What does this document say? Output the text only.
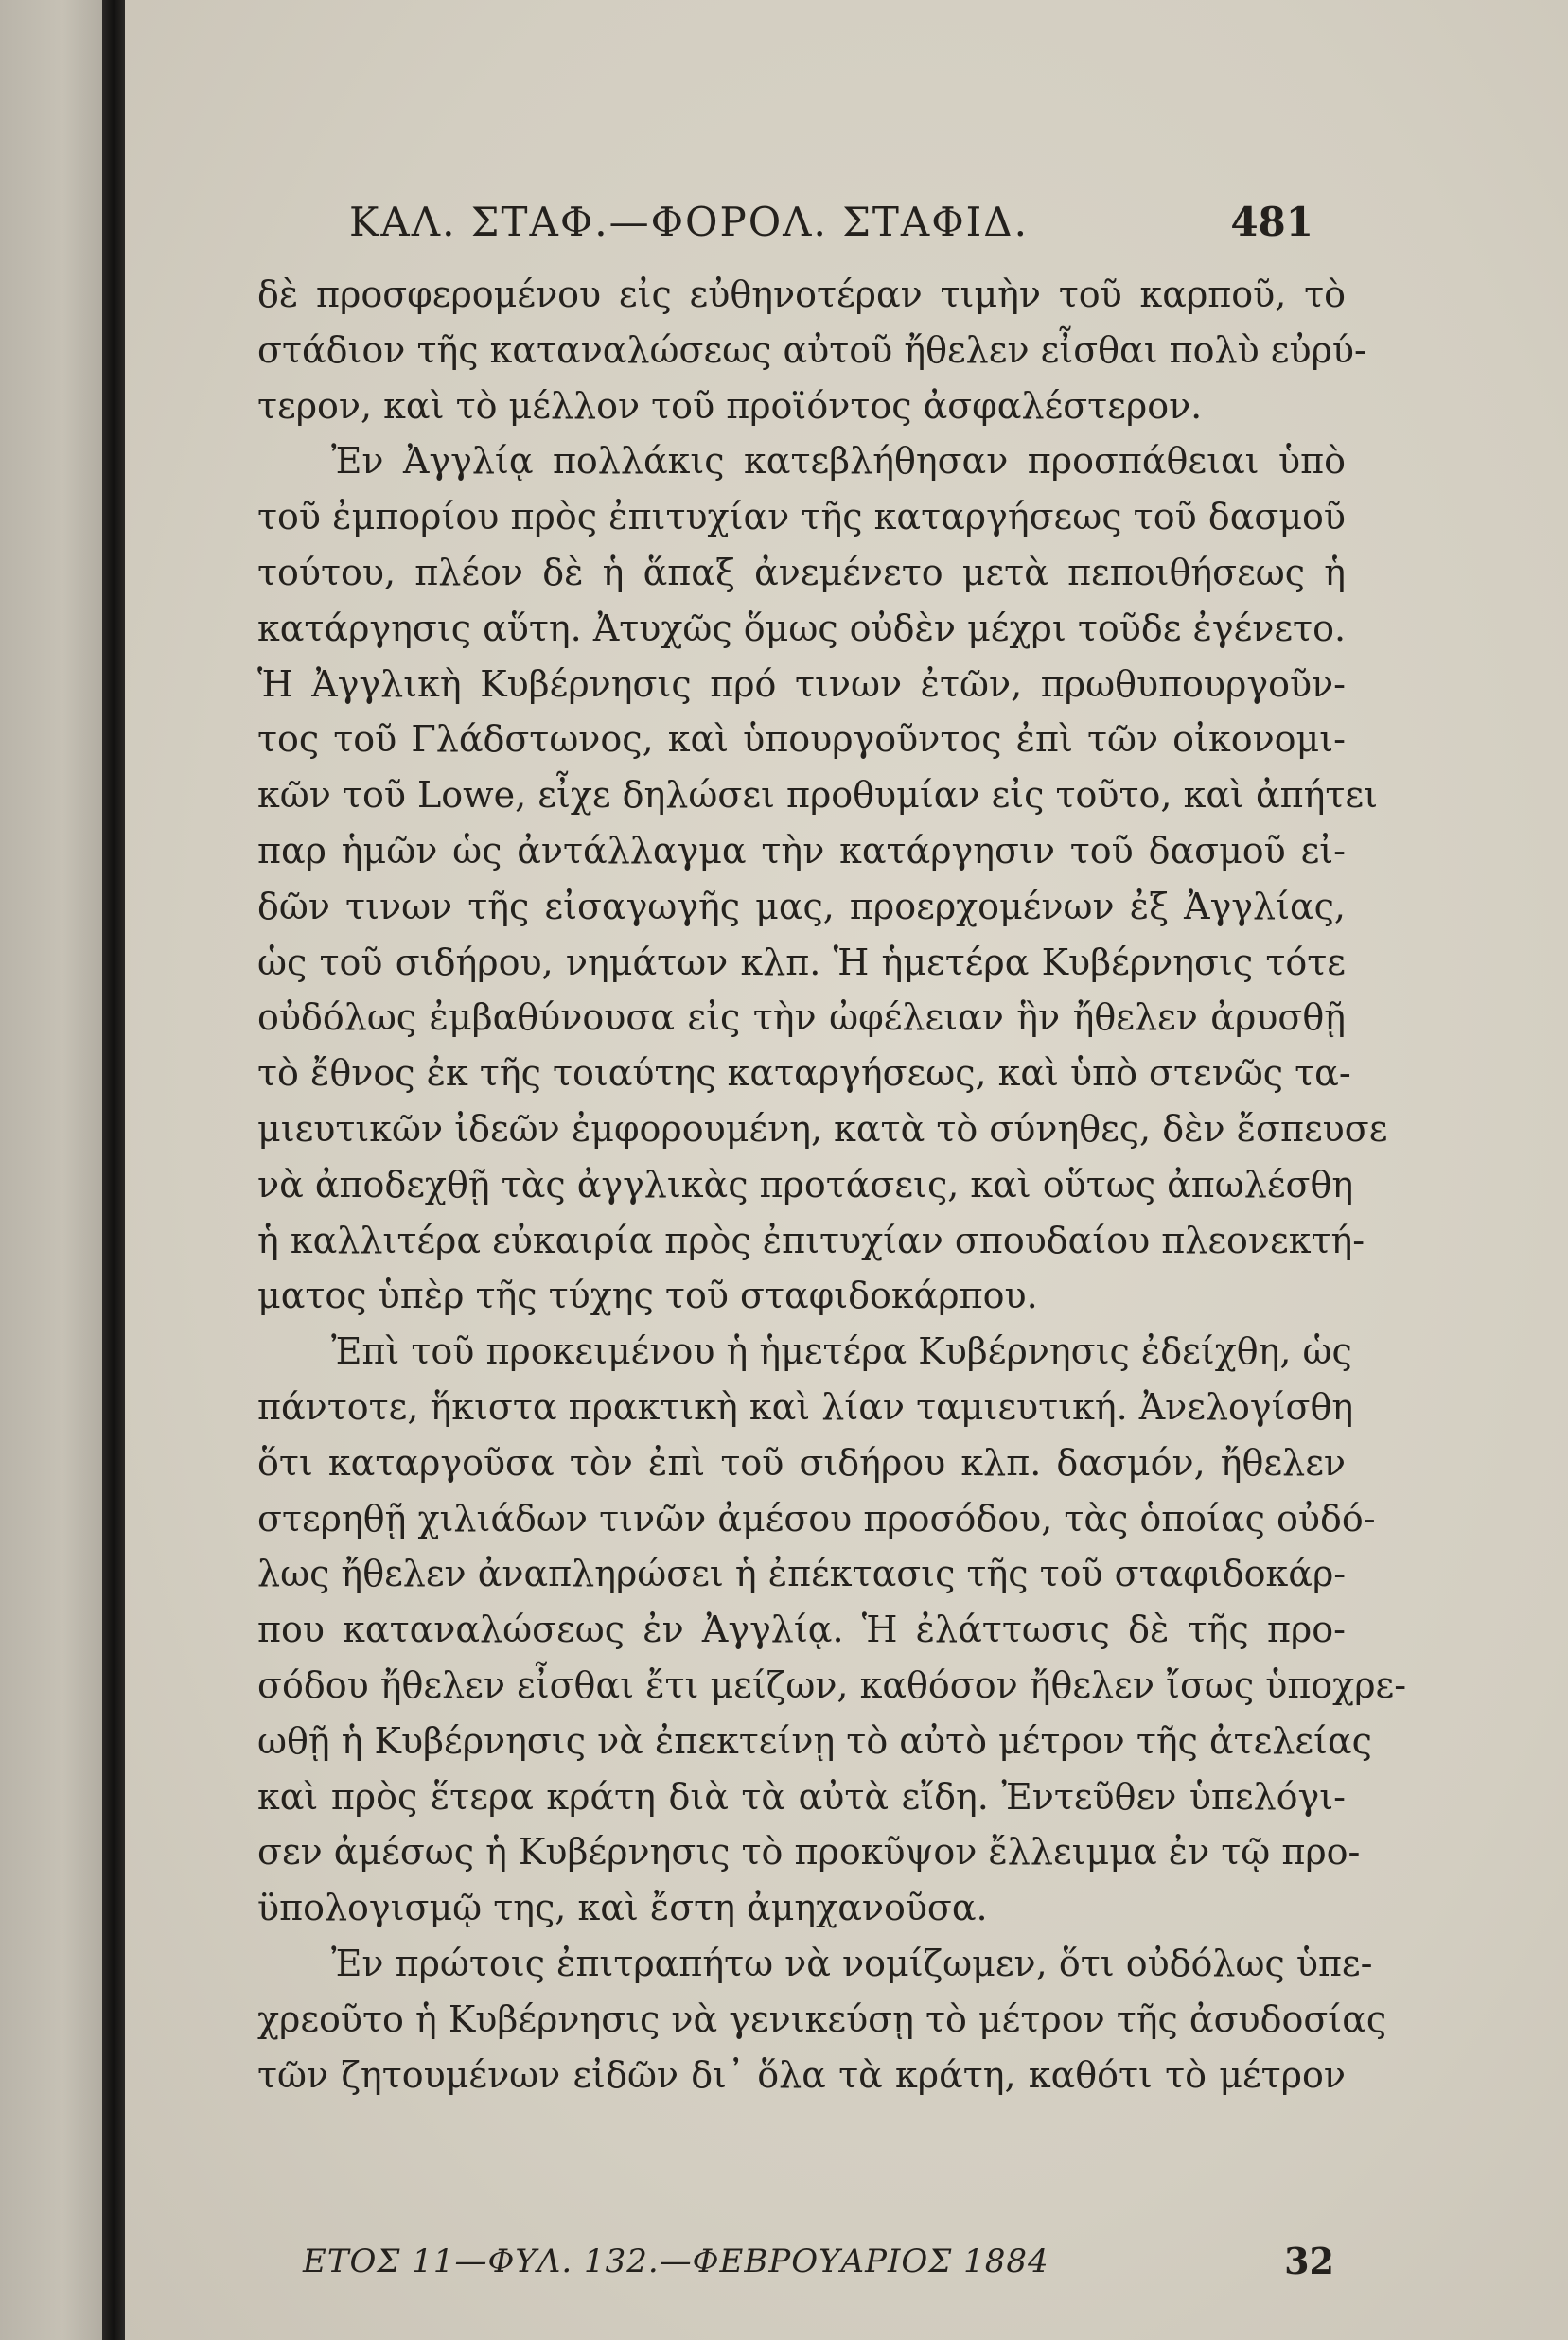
ΚΑΛ. ΣΤΑΦ.—ΦΟΡΟΛ. ΣΤΑΦΙΔ.	481
δὲ προσφερομένου εἰς εὐθηνοτέραν τιμὴν τοῦ καρποῦ, τὸ
στάδιον τῆς καταναλώσεως αὐτοῦ ἤθελεν εἶσθαι πολὺ εὐρύ-
τερον, καὶ τὸ μέλλον τοῦ προϊόντος ἀσφαλέστερον.
Ἐν Ἀγγλίᾳ πολλάκις κατεβλήθησαν προσπάθειαι ὑπὸ
τοῦ ἐμπορίου πρὸς ἐπιτυχίαν τῆς καταργήσεως τοῦ δασμοῦ
τούτου, πλέον δὲ ἡ ἅπαξ ἀνεμένετο μετὰ πεποιθήσεως ἡ
κατάργησις αὕτη. Ἀτυχῶς ὅμως οὐδὲν μέχρι τοῦδε ἐγένετο.
Ἡ Ἀγγλικὴ Κυβέρνησις πρό τινων ἐτῶν, πρωθυπουργοῦν-
τος τοῦ Γλάδστωνος, καὶ ὑπουργοῦντος ἐπὶ τῶν οἰκονομι-
κῶν τοῦ Lowe, εἶχε δηλώσει προθυμίαν εἰς τοῦτο, καὶ ἀπήτει
παρ ἡμῶν ὡς ἀντάλλαγμα τὴν κατάργησιν τοῦ δασμοῦ εἰ-
δῶν τινων τῆς εἰσαγωγῆς μας, προερχομένων ἐξ Ἀγγλίας,
ὡς τοῦ σιδήρου, νημάτων κλπ. Ἡ ἡμετέρα Κυβέρνησις τότε
οὐδόλως ἐμβαθύνουσα εἰς τὴν ὠφέλειαν ἣν ἤθελεν ἀρυσθῇ
τὸ ἔθνος ἐκ τῆς τοιαύτης καταργήσεως, καὶ ὑπὸ στενῶς τα-
μιευτικῶν ἰδεῶν ἐμφορουμένη, κατὰ τὸ σύνηθες, δὲν ἔσπευσε
νὰ ἀποδεχθῇ τὰς ἀγγλικὰς προτάσεις, καὶ οὕτως ἀπωλέσθη
ἡ καλλιτέρα εὐκαιρία πρὸς ἐπιτυχίαν σπουδαίου πλεονεκτή-
ματος ὑπὲρ τῆς τύχης τοῦ σταφιδοκάρπου.
Ἐπὶ τοῦ προκειμένου ἡ ἡμετέρα Κυβέρνησις ἐδείχθη, ὡς
πάντοτε, ἥκιστα πρακτικὴ καὶ λίαν ταμιευτική. Ἀνελογίσθη
ὅτι καταργοῦσα τὸν ἐπὶ τοῦ σιδήρου κλπ. δασμόν, ἤθελεν
στερηθῇ χιλιάδων τινῶν ἀμέσου προσόδου, τὰς ὁποίας οὐδό-
λως ἤθελεν ἀναπληρώσει ἡ ἐπέκτασις τῆς τοῦ σταφιδοκάρ-
που καταναλώσεως ἐν Ἀγγλίᾳ. Ἡ ἐλάττωσις δὲ τῆς προ-
σόδου ἤθελεν εἶσθαι ἔτι μείζων, καθόσον ἤθελεν ἴσως ὑποχρε-
ωθῇ ἡ Κυβέρνησις νὰ ἐπεκτείνῃ τὸ αὐτὸ μέτρον τῆς ἀτελείας
καὶ πρὸς ἕτερα κράτη διὰ τὰ αὐτὰ εἴδη. Ἐντεῦθεν ὑπελόγι-
σεν ἀμέσως ἡ Κυβέρνησις τὸ προκῦψον ἔλλειμμα ἐν τῷ προ-
ϋπολογισμῷ της, καὶ ἔστη ἀμηχανοῦσα.
Ἐν πρώτοις ἐπιτραπήτω νὰ νομίζωμεν, ὅτι οὐδόλως ὑπε-
χρεοῦτο ἡ Κυβέρνησις νὰ γενικεύσῃ τὸ μέτρον τῆς ἀσυδοσίας
τῶν ζητουμένων εἰδῶν δι᾽ ὅλα τὰ κράτη, καθότι τὸ μέτρον
ΕΤΟΣ 11—ΦΥΛ. 132.—ΦΕΒΡΟΥΑΡΙΟΣ 1884	32
